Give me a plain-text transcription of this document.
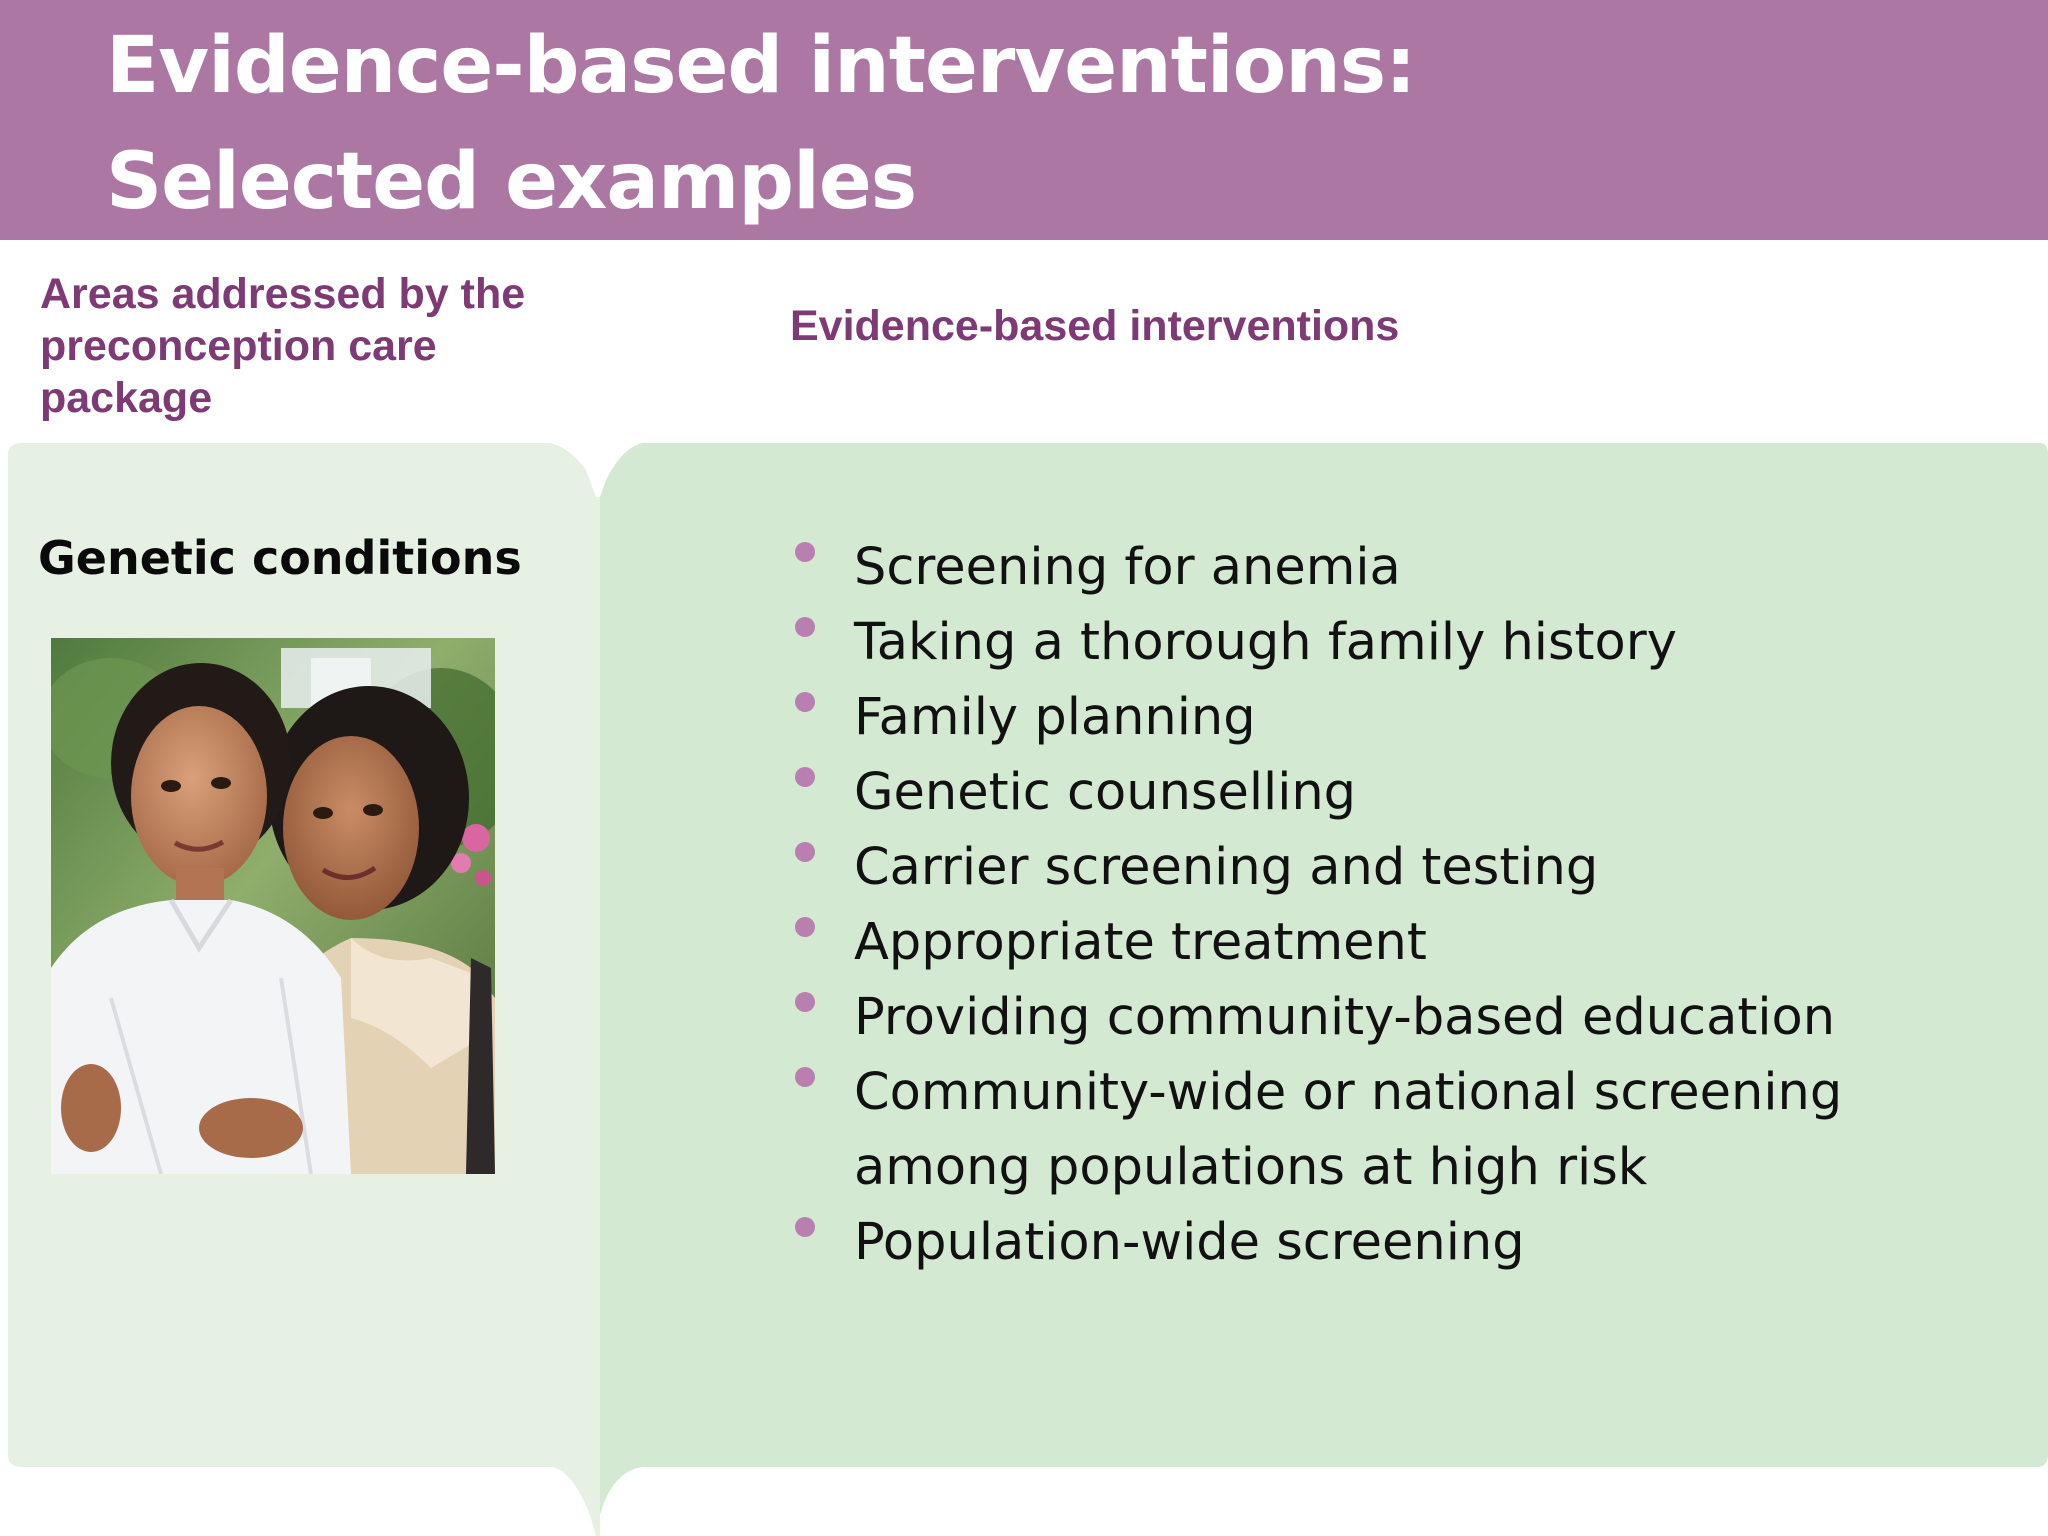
Evidence-based interventions:
Selected examples
Areas addressed by the preconception care package
Evidence-based interventions
Genetic conditions	Screening for anemia
Taking a thorough family history
Family planning
Genetic counselling
Carrier screening and testing
Appropriate treatment
Providing community-based education
Community-wide or national screening among populations at high risk
Population-wide screening
